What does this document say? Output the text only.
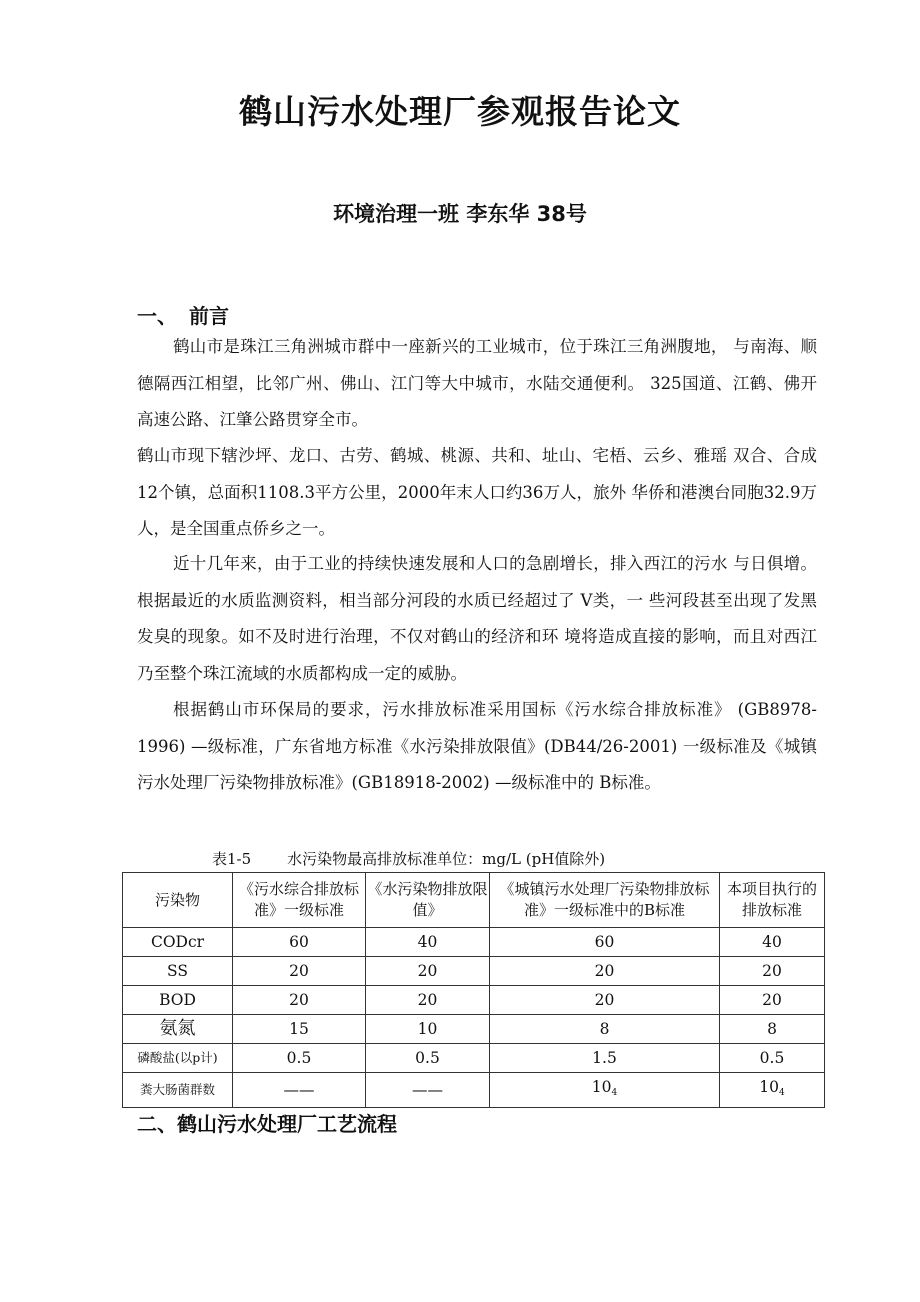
鹤山污水处理厂参观报告论文
环境治理一班 李东华 38号
一、 前言
鹤山市是珠江三角洲城市群中一座新兴的工业城市，位于珠江三角洲腹地， 与南海、顺德隔西江相望，比邻广州、佛山、江门等大中城市，水陆交通便利。 325国道、江鹤、佛开高速公路、江肇公路贯穿全市。
鹤山市现下辖沙坪、龙口、古劳、鹤城、桃源、共和、址山、宅梧、云乡、雅瑶 双合、合成12个镇，总面积1108.3平方公里，2000年末人口约36万人，旅外 华侨和港澳台同胞32.9万人，是全国重点侨乡之一。
近十几年来，由于工业的持续快速发展和人口的急剧增长，排入西江的污水 与日俱增。根据最近的水质监测资料，相当部分河段的水质已经超过了 V类，一 些河段甚至出现了发黑发臭的现象。如不及时进行治理，不仅对鹤山的经济和环 境将造成直接的影响，而且对西江乃至整个珠江流域的水质都构成一定的威胁。
根据鹤山市环保局的要求，污水排放标准采用国标《污水综合排放标准》 (GB8978-1996) —级标准，广东省地方标准《水污染排放限值》(DB44/26-2001) 一级标准及《城镇污水处理厂污染物排放标准》(GB18918-2002) —级标准中的 B标准。
表1-5 水污染物最高排放标准单位：mg/L (pH值除外)
污染物	《污水综合排放标准》一级标准	《水污染物排放限值》	《城镇污水处理厂污染物排放标准》一级标准中的B标准	本项目执行的排放标准
CODcr	60	40	60	40
SS	20	20	20	20
BOD	20	20	20	20
氨氮	15	10	8	8
磷酸盐(以p计)	0.5	0.5	1.5	0.5
粪大肠菌群数	——	——	$10_4$	$10_4$
二、鹤山污水处理厂工艺流程
